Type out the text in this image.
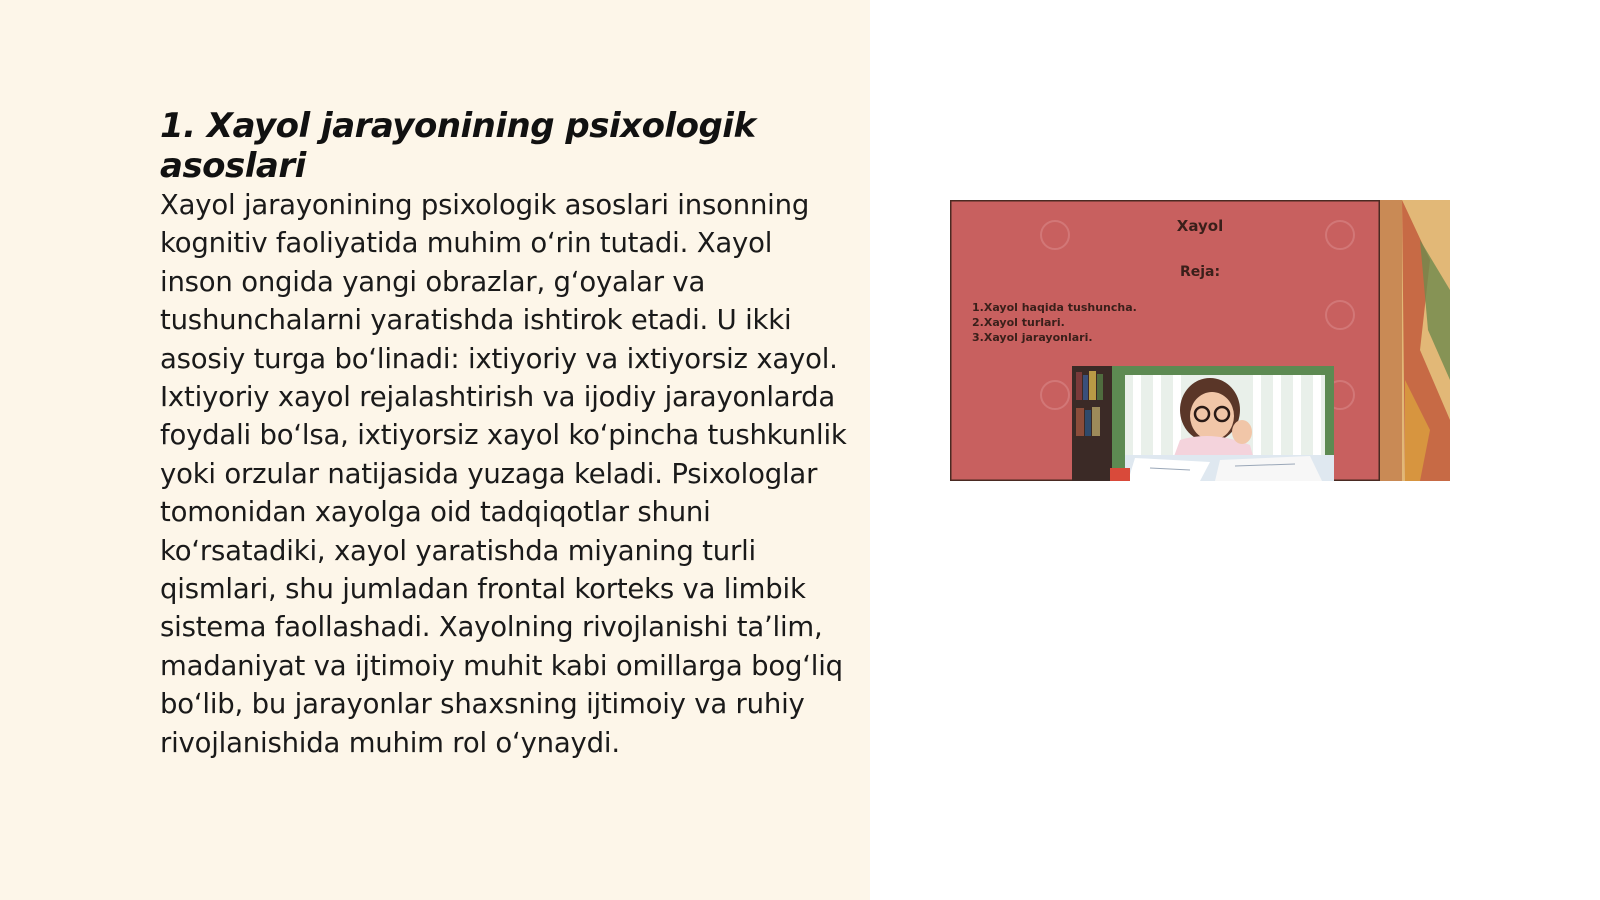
1. Xayol jarayonining psixologik asoslari

Xayol jarayonining psixologik asoslari insonning kognitiv faoliyatida muhim oʻrin tutadi. Xayol inson ongida yangi obrazlar, gʻoyalar va tushunchalarni yaratishda ishtirok etadi. U ikki asosiy turga boʻlinadi: ixtiyoriy va ixtiyorsiz xayol. Ixtiyoriy xayol rejalashtirish va ijodiy jarayonlarda foydali boʻlsa, ixtiyorsiz xayol koʻpincha tushkunlik yoki orzular natijasida yuzaga keladi. Psixologlar tomonidan xayolga oid tadqiqotlar shuni koʻrsatadiki, xayol yaratishda miyaning turli qismlari, shu jumladan frontal korteks va limbik sistema faollashadi. Xayolning rivojlanishi taʼlim, madaniyat va ijtimoiy muhit kabi omillarga bogʻliq boʻlib, bu jarayonlar shaxsning ijtimoiy va ruhiy rivojlanishida muhim rol oʻynaydi.

Xayol
Reja:
1.Xayol haqida tushuncha.
2.Xayol turlari.
3.Xayol jarayonlari.
